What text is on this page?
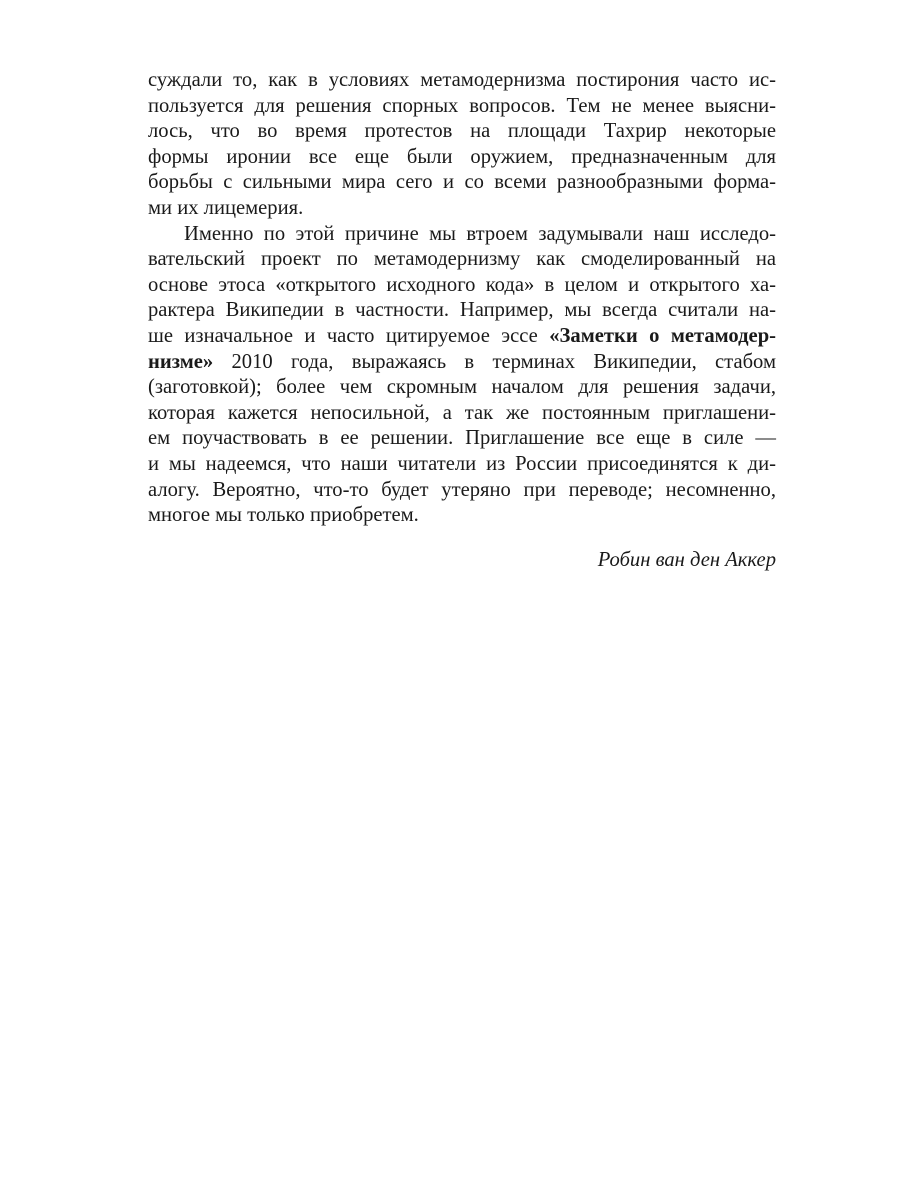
суждали то, как в условиях метамодернизма постирония часто ис-
пользуется для решения спорных вопросов. Тем не менее выясни-
лось, что во время протестов на площади Тахрир некоторые
формы иронии все еще были оружием, предназначенным для
борьбы с сильными мира сего и со всеми разнообразными форма-
ми их лицемерия.
Именно по этой причине мы втроем задумывали наш исследо-
вательский проект по метамодернизму как смоделированный на
основе этоса «открытого исходного кода» в целом и открытого ха-
рактера Википедии в частности. Например, мы всегда считали на-
ше изначальное и часто цитируемое эссе «Заметки о метамодер-
низме» 2010 года, выражаясь в терминах Википедии, стабом
(заготовкой); более чем скромным началом для решения задачи,
которая кажется непосильной, а так же постоянным приглашени-
ем поучаствовать в ее решении. Приглашение все еще в силе —
и мы надеемся, что наши читатели из России присоединятся к ди-
алогу. Вероятно, что-то будет утеряно при переводе; несомненно,
многое мы только приобретем.
Робин ван ден Аккер
